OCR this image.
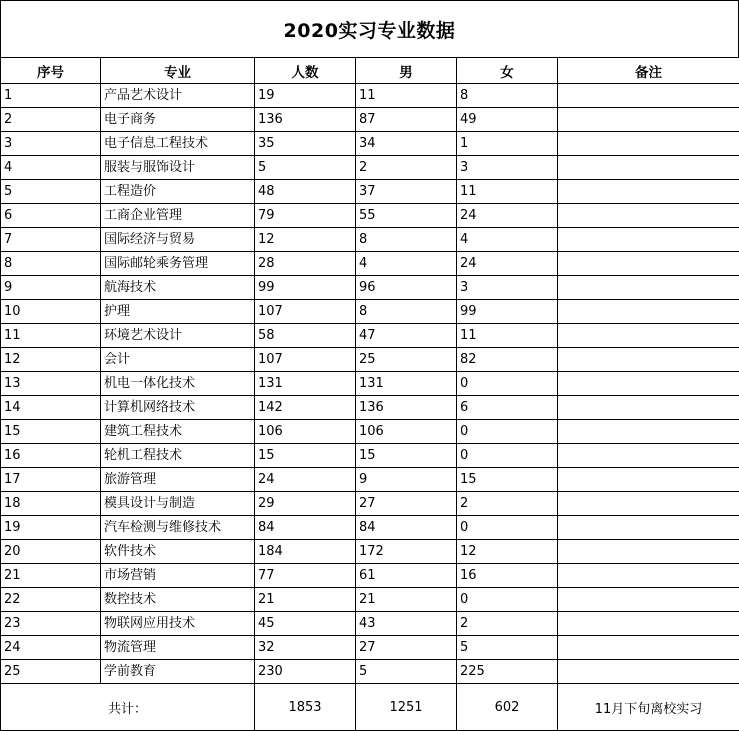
2020实习专业数据
序号	专业	人数	男	女	备注
1	产品艺术设计	19	11	8	
2	电子商务	136	87	49	
3	电子信息工程技术	35	34	1	
4	服装与服饰设计	5	2	3	
5	工程造价	48	37	11	
6	工商企业管理	79	55	24	
7	国际经济与贸易	12	8	4	
8	国际邮轮乘务管理	28	4	24	
9	航海技术	99	96	3	
10	护理	107	8	99	
11	环境艺术设计	58	47	11	
12	会计	107	25	82	
13	机电一体化技术	131	131	0	
14	计算机网络技术	142	136	6	
15	建筑工程技术	106	106	0	
16	轮机工程技术	15	15	0	
17	旅游管理	24	9	15	
18	模具设计与制造	29	27	2	
19	汽车检测与维修技术	84	84	0	
20	软件技术	184	172	12	
21	市场营销	77	61	16	
22	数控技术	21	21	0	
23	物联网应用技术	45	43	2	
24	物流管理	32	27	5	
25	学前教育	230	5	225	
共计：		1853	1251	602	11月下旬离校实习
